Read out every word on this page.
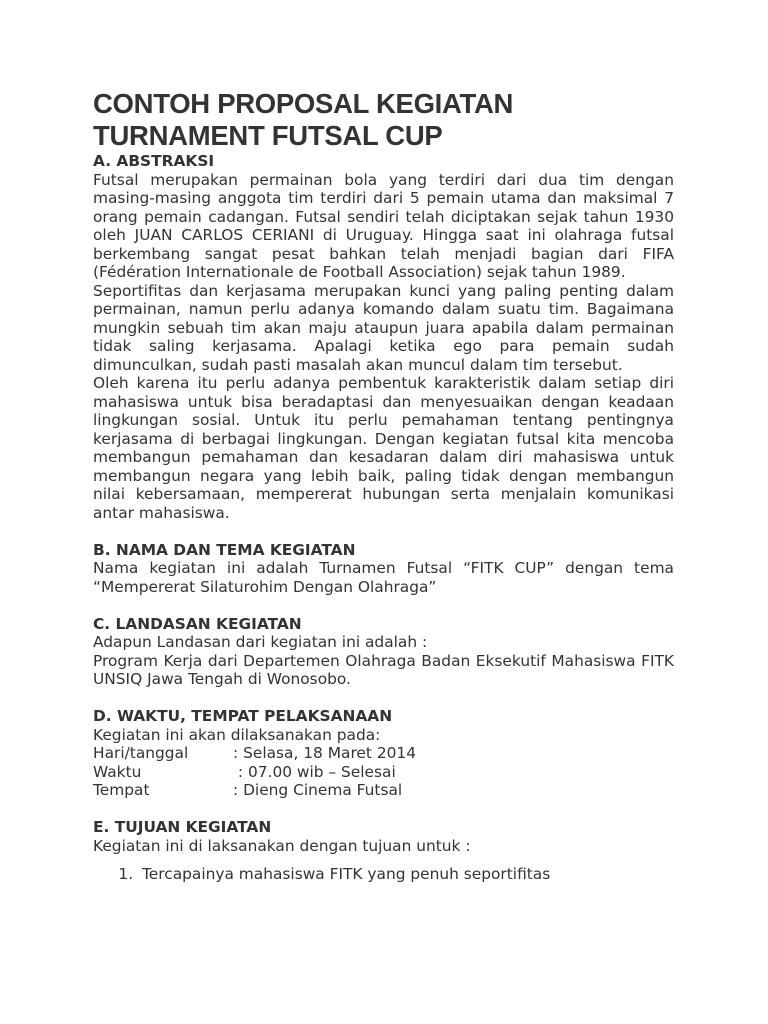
CONTOH PROPOSAL KEGIATAN
TURNAMENT FUTSAL CUP
A. ABSTRAKSI

Futsal merupakan permainan bola yang terdiri dari dua tim dengan masing-masing anggota tim terdiri dari 5 pemain utama dan maksimal 7 orang pemain cadangan. Futsal sendiri telah diciptakan sejak tahun 1930 oleh JUAN CARLOS CERIANI di Uruguay. Hingga saat ini olahraga futsal berkembang sangat pesat bahkan telah menjadi bagian dari FIFA (Fédération Internationale de Football Association) sejak tahun 1989.

Seportifitas dan kerjasama merupakan kunci yang paling penting dalam permainan, namun perlu adanya komando dalam suatu tim. Bagaimana mungkin sebuah tim akan maju ataupun juara apabila dalam permainan tidak saling kerjasama. Apalagi ketika ego para pemain sudah dimunculkan, sudah pasti masalah akan muncul dalam tim tersebut.

Oleh karena itu perlu adanya pembentuk karakteristik dalam setiap diri mahasiswa untuk bisa beradaptasi dan menyesuaikan dengan keadaan lingkungan sosial. Untuk itu perlu pemahaman tentang pentingnya kerjasama di berbagai lingkungan. Dengan kegiatan futsal kita mencoba membangun pemahaman dan kesadaran dalam diri mahasiswa untuk membangun negara yang lebih baik, paling tidak dengan membangun nilai kebersamaan, mempererat hubungan serta menjalain komunikasi antar mahasiswa.

B. NAMA DAN TEMA KEGIATAN

Nama kegiatan ini adalah Turnamen Futsal “FITK CUP” dengan tema “Mempererat Silaturohim Dengan Olahraga”

C. LANDASAN KEGIATAN

Adapun Landasan dari kegiatan ini adalah :

Program Kerja dari Departemen Olahraga Badan Eksekutif Mahasiswa FITK UNSIQ Jawa Tengah di Wonosobo.

D. WAKTU, TEMPAT PELAKSANAAN

Kegiatan ini akan dilaksanakan pada:

Hari/tanggal	: Selasa, 18 Maret 2014
Waktu	: 07.00 wib – Selesai
Tempat	: Dieng Cinema Futsal
E. TUJUAN KEGIATAN

Kegiatan ini di laksanakan dengan tujuan untuk :

1. Tercapainya mahasiswa FITK yang penuh seportifitas
